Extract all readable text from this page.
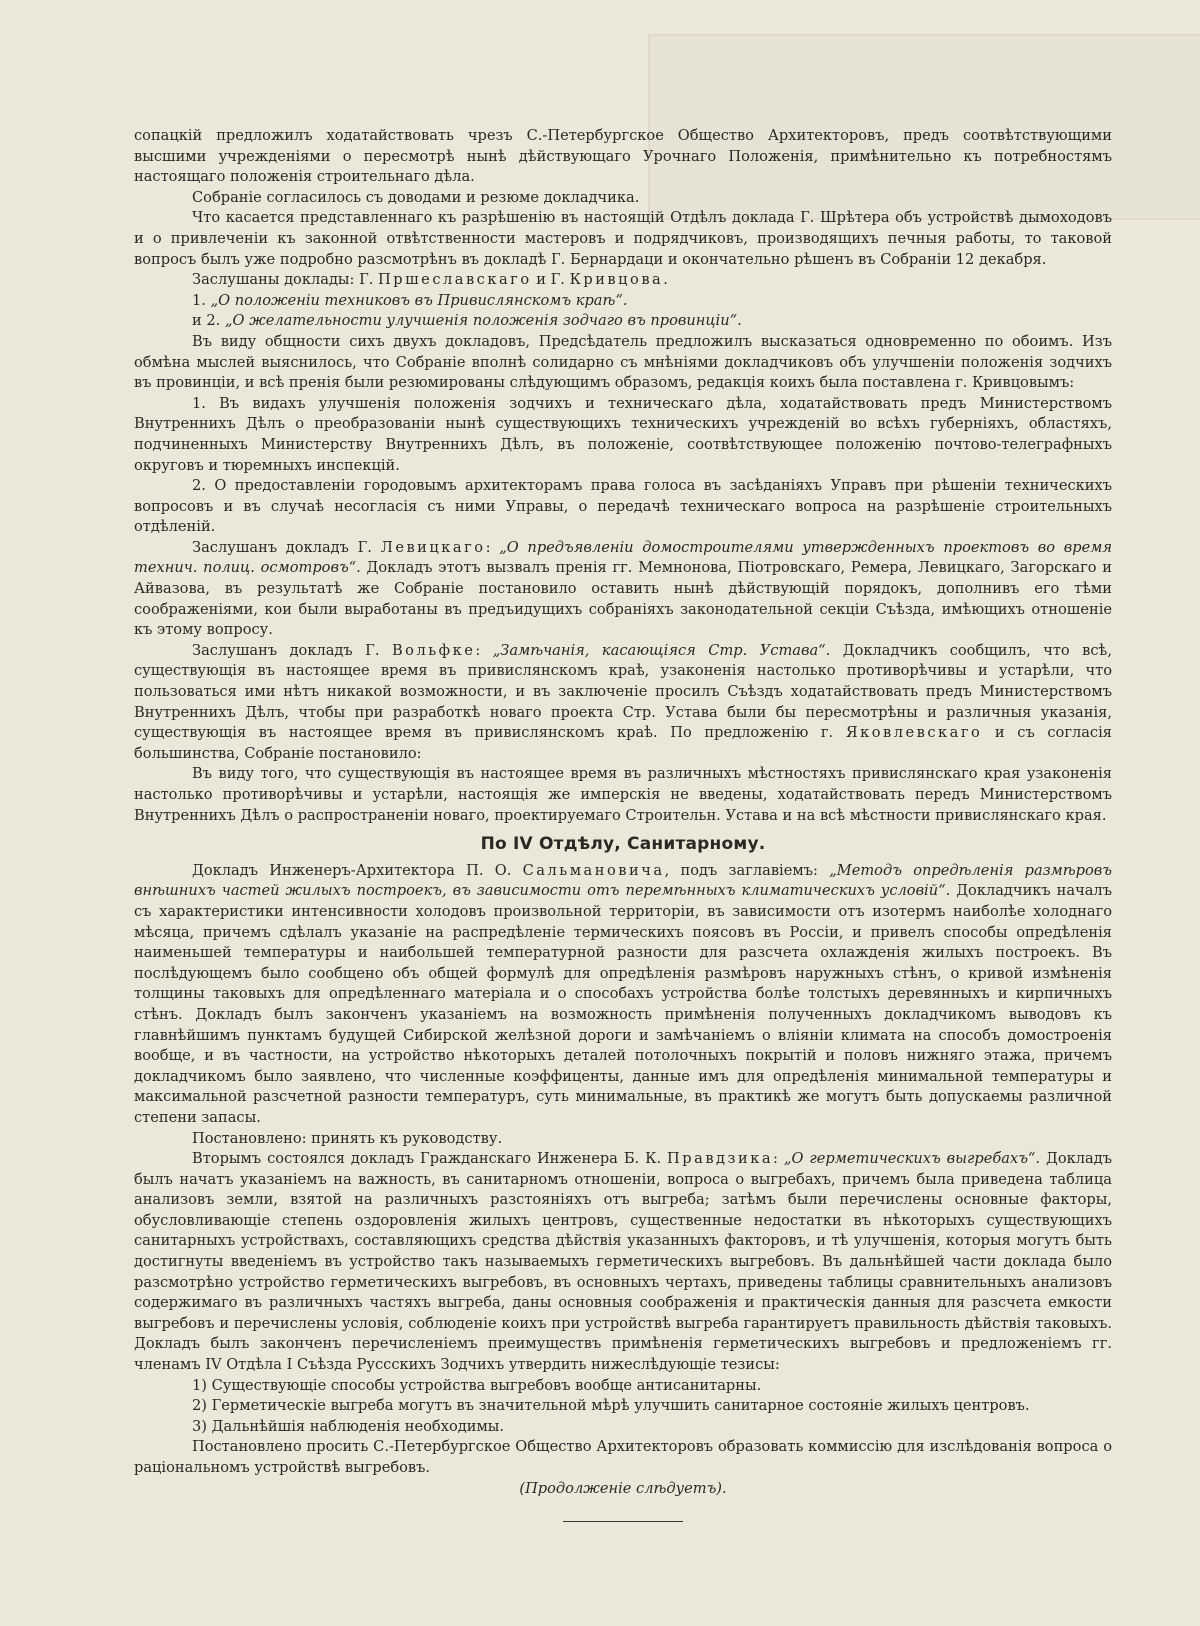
сопацкій предложилъ ходатайствовать чрезъ С.-Петербургское Общество Архитекторовъ, предъ соотвѣтствующими высшими учрежденіями о пересмотрѣ нынѣ дѣйствующаго Урочнаго Положенія, примѣнительно къ потребностямъ настоящаго положенія строительнаго дѣла.

Собраніе согласилось съ доводами и резюме докладчика.

Что касается представленнаго къ разрѣшенію въ настоящій Отдѣлъ доклада Г. Шрѣтера объ устройствѣ дымоходовъ и о привлеченіи къ законной отвѣтственности мастеровъ и подрядчиковъ, производящихъ печныя работы, то таковой вопросъ былъ уже подробно разсмотрѣнъ въ докладѣ Г. Бернардаци и окончательно рѣшенъ въ Собраніи 12 декабря.

Заслушаны доклады: Г. Пршеславскаго и Г. Кривцова.

1. „О положеніи техниковъ въ Привислянскомъ краѣ“.

и 2. „О желательности улучшенія положенія зодчаго въ провинціи“.

Въ виду общности сихъ двухъ докладовъ, Предсѣдатель предложилъ высказаться одновременно по обоимъ. Изъ обмѣна мыслей выяснилось, что Собраніе вполнѣ солидарно съ мнѣніями докладчиковъ объ улучшеніи положенія зодчихъ въ провинціи, и всѣ пренія были резюмированы слѣдующимъ образомъ, редакція коихъ была поставлена г. Кривцовымъ:

1. Въ видахъ улучшенія положенія зодчихъ и техническаго дѣла, ходатайствовать предъ Министерствомъ Внутреннихъ Дѣлъ о преобразованіи нынѣ существующихъ техническихъ учрежденій во всѣхъ губерніяхъ, областяхъ, подчиненныхъ Министерству Внутреннихъ Дѣлъ, въ положеніе, соотвѣтствующее положенію почтово-телеграфныхъ округовъ и тюремныхъ инспекцій.

2. О предоставленіи городовымъ архитекторамъ права голоса въ засѣданіяхъ Управъ при рѣшеніи техническихъ вопросовъ и въ случаѣ несогласія съ ними Управы, о передачѣ техническаго вопроса на разрѣшеніе строительныхъ отдѣленій.

Заслушанъ докладъ Г. Левицкаго: „О предъявленіи домостроителями утвержденныхъ проектовъ во время технич. полиц. осмотровъ“. Докладъ этотъ вызвалъ пренія гг. Мемнонова, Піотровскаго, Ремера, Левицкаго, Загорскаго и Айвазова, въ результатѣ же Собраніе постановило оставить нынѣ дѣйствующій порядокъ, дополнивъ его тѣми соображеніями, кои были выработаны въ предъидущихъ собраніяхъ законодательной секціи Съѣзда, имѣющихъ отношеніе къ этому вопросу.

Заслушанъ докладъ Г. Вольфке: „Замѣчанія, касающіяся Стр. Устава“. Докладчикъ сообщилъ, что всѣ, существующія въ настоящее время въ привислянскомъ краѣ, узаконенія настолько противорѣчивы и устарѣли, что пользоваться ими нѣтъ никакой возможности, и въ заключеніе просилъ Съѣздъ ходатайствовать предъ Министерствомъ Внутреннихъ Дѣлъ, чтобы при разработкѣ новаго проекта Стр. Устава были бы пересмотрѣны и различныя указанія, существующія въ настоящее время въ привислянскомъ краѣ. По предложенію г. Яковлевскаго и съ согласія большинства, Собраніе постановило:

Въ виду того, что существующія въ настоящее время въ различныхъ мѣстностяхъ привислянскаго края узаконенія настолько противорѣчивы и устарѣли, настоящія же имперскія не введены, ходатайствовать передъ Министерствомъ Внутреннихъ Дѣлъ о распространеніи новаго, проектируемаго Строительн. Устава и на всѣ мѣстности привислянскаго края.

По IV Отдѣлу, Санитарному.

Докладъ Инженеръ-Архитектора П. О. Сальмановича, подъ заглавіемъ: „Методъ опредѣленія размѣровъ внѣшнихъ частей жилыхъ построекъ, въ зависимости отъ перемѣнныхъ климатическихъ условій“. Докладчикъ началъ съ характеристики интенсивности холодовъ произвольной территоріи, въ зависимости отъ изотермъ наиболѣе холоднаго мѣсяца, причемъ сдѣлалъ указаніе на распредѣленіе термическихъ поясовъ въ Россіи, и привелъ способы опредѣленія наименьшей температуры и наибольшей температурной разности для разсчета охлажденія жилыхъ построекъ. Въ послѣдующемъ было сообщено объ общей формулѣ для опредѣленія размѣровъ наружныхъ стѣнъ, о кривой измѣненія толщины таковыхъ для опредѣленнаго матеріала и о способахъ устройства болѣе толстыхъ деревянныхъ и кирпичныхъ стѣнъ. Докладъ былъ законченъ указаніемъ на возможность примѣненія полученныхъ докладчикомъ выводовъ къ главнѣйшимъ пунктамъ будущей Сибирской желѣзной дороги и замѣчаніемъ о вліяніи климата на способъ домостроенія вообще, и въ частности, на устройство нѣкоторыхъ деталей потолочныхъ покрытій и половъ нижняго этажа, причемъ докладчикомъ было заявлено, что численные коэффиценты, данные имъ для опредѣленія минимальной температуры и максимальной разсчетной разности температуръ, суть минимальные, въ практикѣ же могутъ быть допускаемы различной степени запасы.

Постановлено: принять къ руководству.

Вторымъ состоялся докладъ Гражданскаго Инженера Б. К. Правдзика: „О герметическихъ выгребахъ“. Докладъ былъ начатъ указаніемъ на важность, въ санитарномъ отношеніи, вопроса о выгребахъ, причемъ была приведена таблица анализовъ земли, взятой на различныхъ разстояніяхъ отъ выгреба; затѣмъ были перечислены основные факторы, обусловливающіе степень оздоровленія жилыхъ центровъ, существенные недостатки въ нѣкоторыхъ существующихъ санитарныхъ устройствахъ, составляющихъ средства дѣйствія указанныхъ факторовъ, и тѣ улучшенія, которыя могутъ быть достигнуты введеніемъ въ устройство такъ называемыхъ герметическихъ выгребовъ. Въ дальнѣйшей части доклада было разсмотрѣно устройство герметическихъ выгребовъ, въ основныхъ чертахъ, приведены таблицы сравнительныхъ анализовъ содержимаго въ различныхъ частяхъ выгреба, даны основныя соображенія и практическія данныя для разсчета емкости выгребовъ и перечислены условія, соблюденіе коихъ при устройствѣ выгреба гарантируетъ правильность дѣйствія таковыхъ. Докладъ былъ законченъ перечисленіемъ преимуществъ примѣненія герметическихъ выгребовъ и предложеніемъ гг. членамъ IV Отдѣла I Съѣзда Руссскихъ Зодчихъ утвердить нижеслѣдующіе тезисы:

1) Существующіе способы устройства выгребовъ вообще антисанитарны.

2) Герметическіе выгреба могутъ въ значительной мѣрѣ улучшить санитарное состояніе жилыхъ центровъ.

3) Дальнѣйшія наблюденія необходимы.

Постановлено просить С.-Петербургское Общество Архитекторовъ образовать коммиссію для изслѣдованія вопроса о раціональномъ устройствѣ выгребовъ.

(Продолженіе слѣдуетъ).
